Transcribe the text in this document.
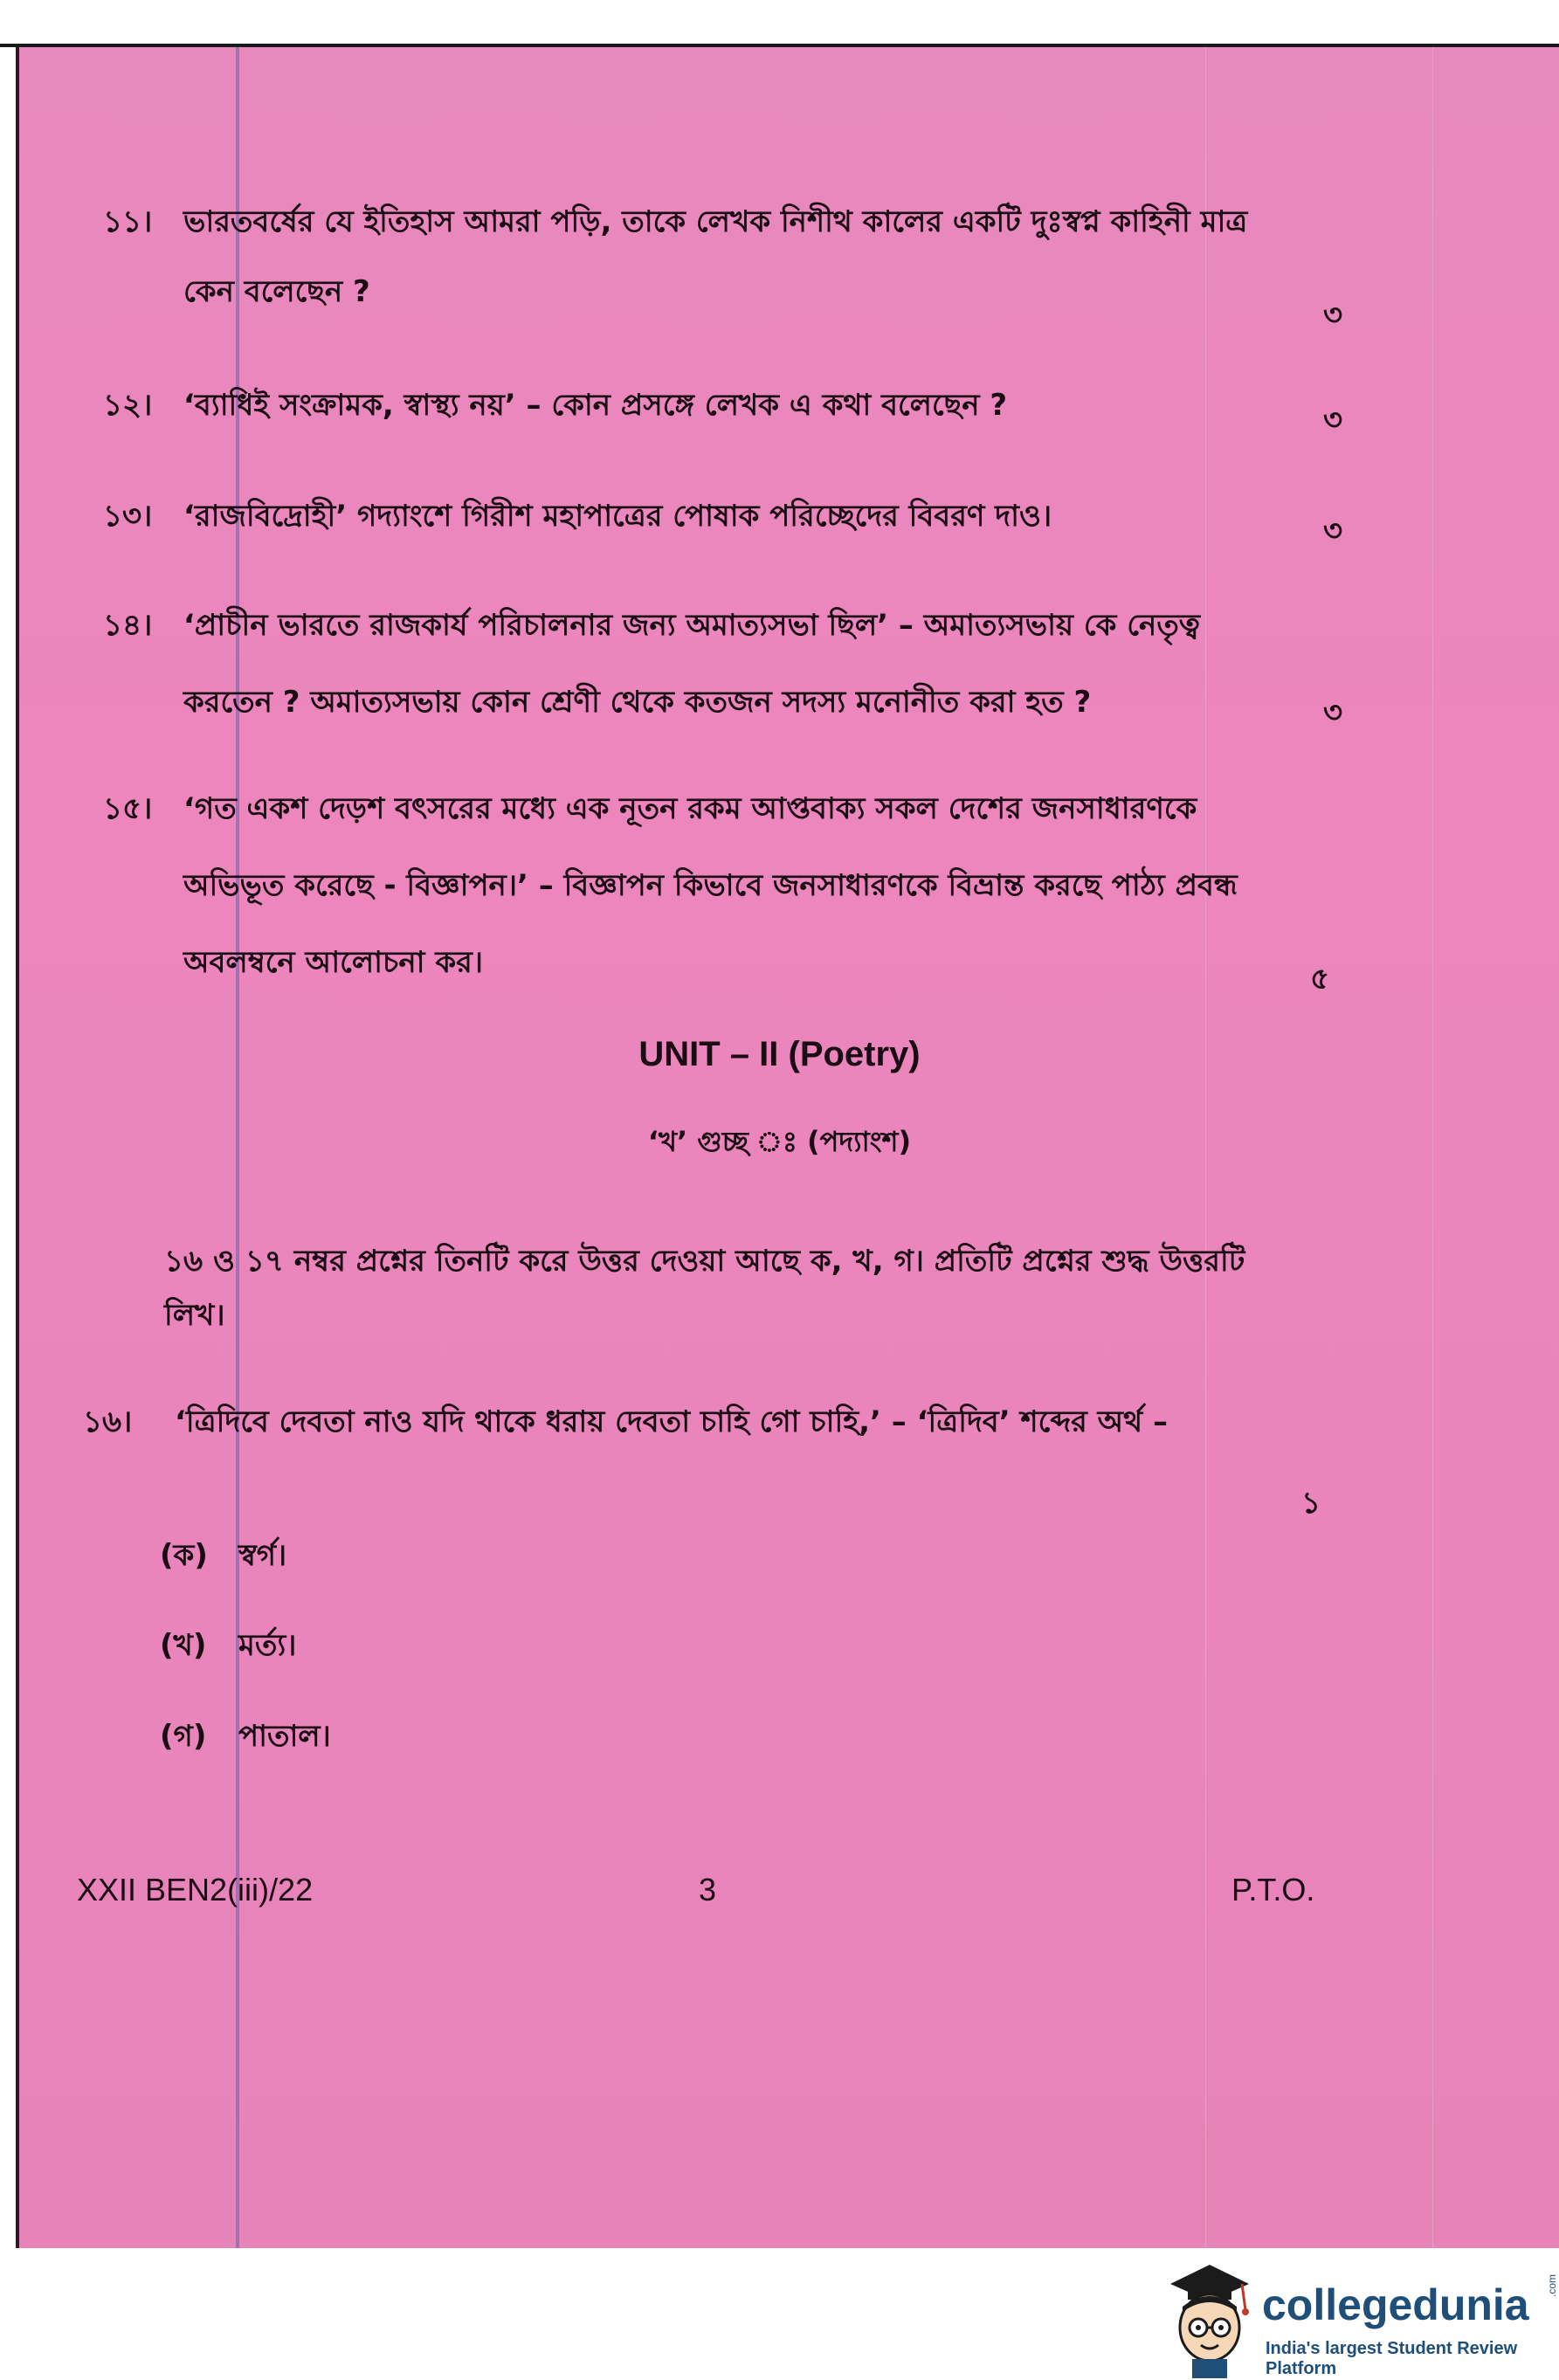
১১। ভারতবর্ষের যে ইতিহাস আমরা পড়ি, তাকে লেখক নিশীথ কালের একটি দুঃস্বপ্ন কাহিনী মাত্র
কেন বলেছেন ?
৩
১২। ‘ব্যাধিই সংক্রামক, স্বাস্থ্য নয়’ – কোন প্রসঙ্গে লেখক এ কথা বলেছেন ?	৩
১৩। ‘রাজবিদ্রোহী’ গদ্যাংশে গিরীশ মহাপাত্রের পোষাক পরিচ্ছেদের বিবরণ দাও।	৩
১৪। ‘প্রাচীন ভারতে রাজকার্য পরিচালনার জন্য অমাত্যসভা ছিল’ – অমাত্যসভায় কে নেতৃত্ব
করতেন ? অমাত্যসভায় কোন শ্রেণী থেকে কতজন সদস্য মনোনীত করা হত ?	৩
১৫। ‘গত একশ দেড়শ বৎসরের মধ্যে এক নূতন রকম আপ্তবাক্য সকল দেশের জনসাধারণকে
অভিভূত করেছে - বিজ্ঞাপন।’ – বিজ্ঞাপন কিভাবে জনসাধারণকে বিভ্রান্ত করছে পাঠ্য প্রবন্ধ
অবলম্বনে আলোচনা কর।	৫
UNIT – II (Poetry)
‘খ’ গুচ্ছ ঃ (পদ্যাংশ)
১৬ ও ১৭ নম্বর প্রশ্নের তিনটি করে উত্তর দেওয়া আছে ক, খ, গ। প্রতিটি প্রশ্নের শুদ্ধ উত্তরটি
লিখ।
১৬। ‘ত্রিদিবে দেবতা নাও যদি থাকে ধরায় দেবতা চাহি গো চাহি,’ – ‘ত্রিদিব’ শব্দের অর্থ –
১
(ক) স্বর্গ।
(খ) মর্ত্য।
(গ) পাতাল।
XXII BEN2(iii)/22	3	P.T.O.
collegedunia
India's largest Student Review Platform
.com
